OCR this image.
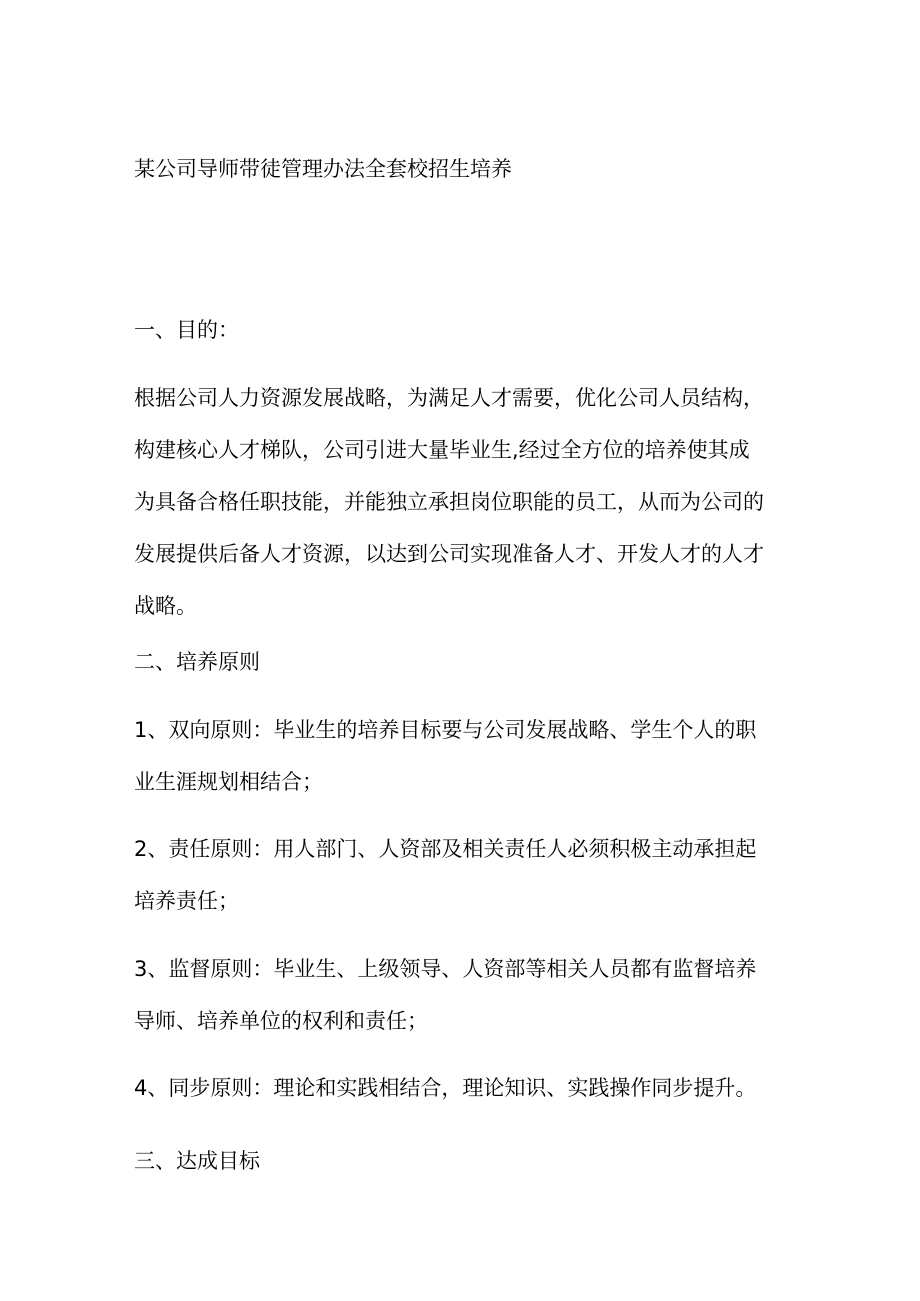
某公司导师带徒管理办法全套校招生培养
一、目的：
根据公司人力资源发展战略，为满足人才需要，优化公司人员结构，
构建核心人才梯队，公司引进大量毕业生,经过全方位的培养使其成
为具备合格任职技能，并能独立承担岗位职能的员工，从而为公司的
发展提供后备人才资源，以达到公司实现准备人才、开发人才的人才
战略。
二、培养原则
1、双向原则：毕业生的培养目标要与公司发展战略、学生个人的职
业生涯规划相结合；
2、责任原则：用人部门、人资部及相关责任人必须积极主动承担起
培养责任；
3、监督原则：毕业生、上级领导、人资部等相关人员都有监督培养
导师、培养单位的权利和责任；
4、同步原则：理论和实践相结合，理论知识、实践操作同步提升。
三、达成目标
